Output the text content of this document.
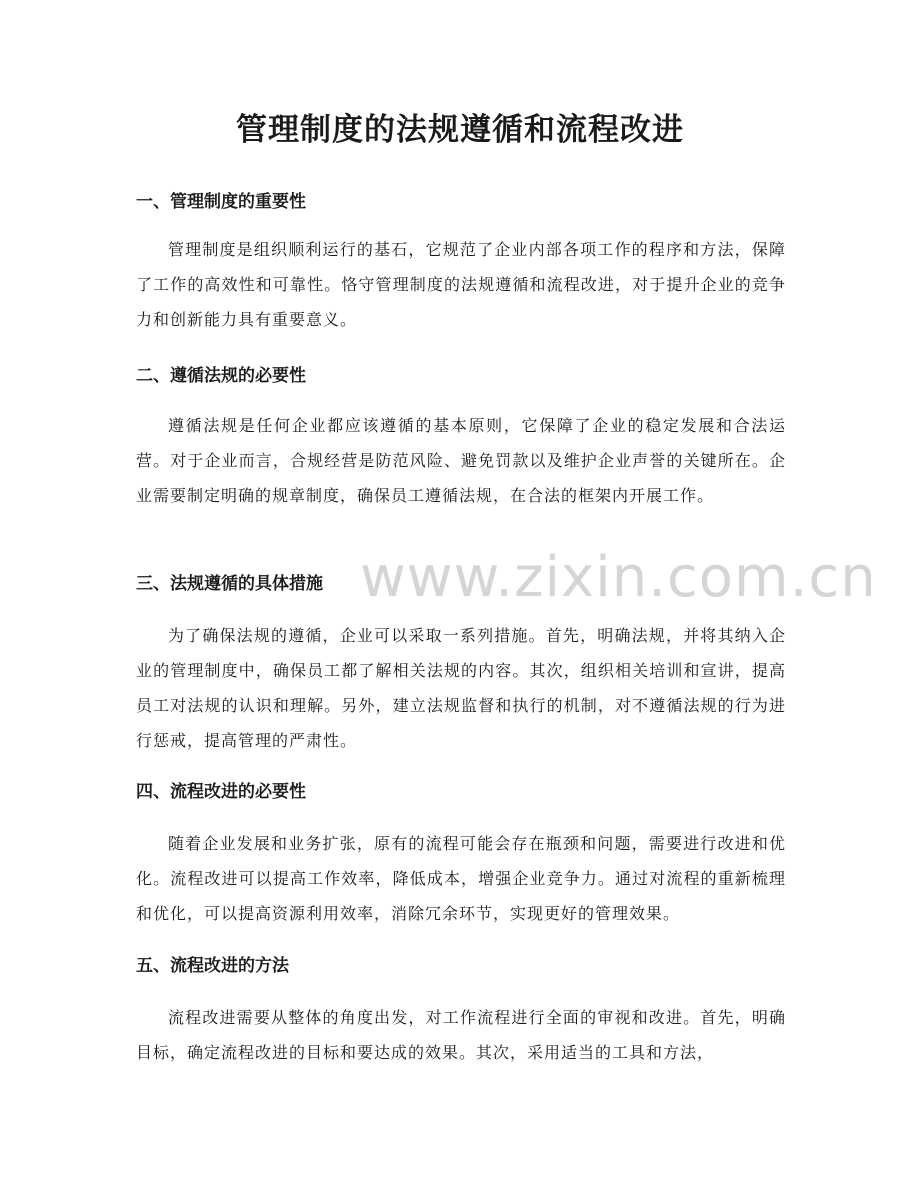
管理制度的法规遵循和流程改进
www.zixin.com.cn
一、管理制度的重要性

管理制度是组织顺利运行的基石，它规范了企业内部各项工作的程序和方法，保障了工作的高效性和可靠性。恪守管理制度的法规遵循和流程改进，对于提升企业的竞争力和创新能力具有重要意义。

二、遵循法规的必要性

遵循法规是任何企业都应该遵循的基本原则，它保障了企业的稳定发展和合法运营。对于企业而言，合规经营是防范风险、避免罚款以及维护企业声誉的关键所在。企业需要制定明确的规章制度，确保员工遵循法规，在合法的框架内开展工作。

三、法规遵循的具体措施

为了确保法规的遵循，企业可以采取一系列措施。首先，明确法规，并将其纳入企业的管理制度中，确保员工都了解相关法规的内容。其次，组织相关培训和宣讲，提高员工对法规的认识和理解。另外，建立法规监督和执行的机制，对不遵循法规的行为进行惩戒，提高管理的严肃性。

四、流程改进的必要性

随着企业发展和业务扩张，原有的流程可能会存在瓶颈和问题，需要进行改进和优化。流程改进可以提高工作效率，降低成本，增强企业竞争力。通过对流程的重新梳理和优化，可以提高资源利用效率，消除冗余环节，实现更好的管理效果。

五、流程改进的方法

流程改进需要从整体的角度出发，对工作流程进行全面的审视和改进。首先，明确目标，确定流程改进的目标和要达成的效果。其次，采用适当的工具和方法，
